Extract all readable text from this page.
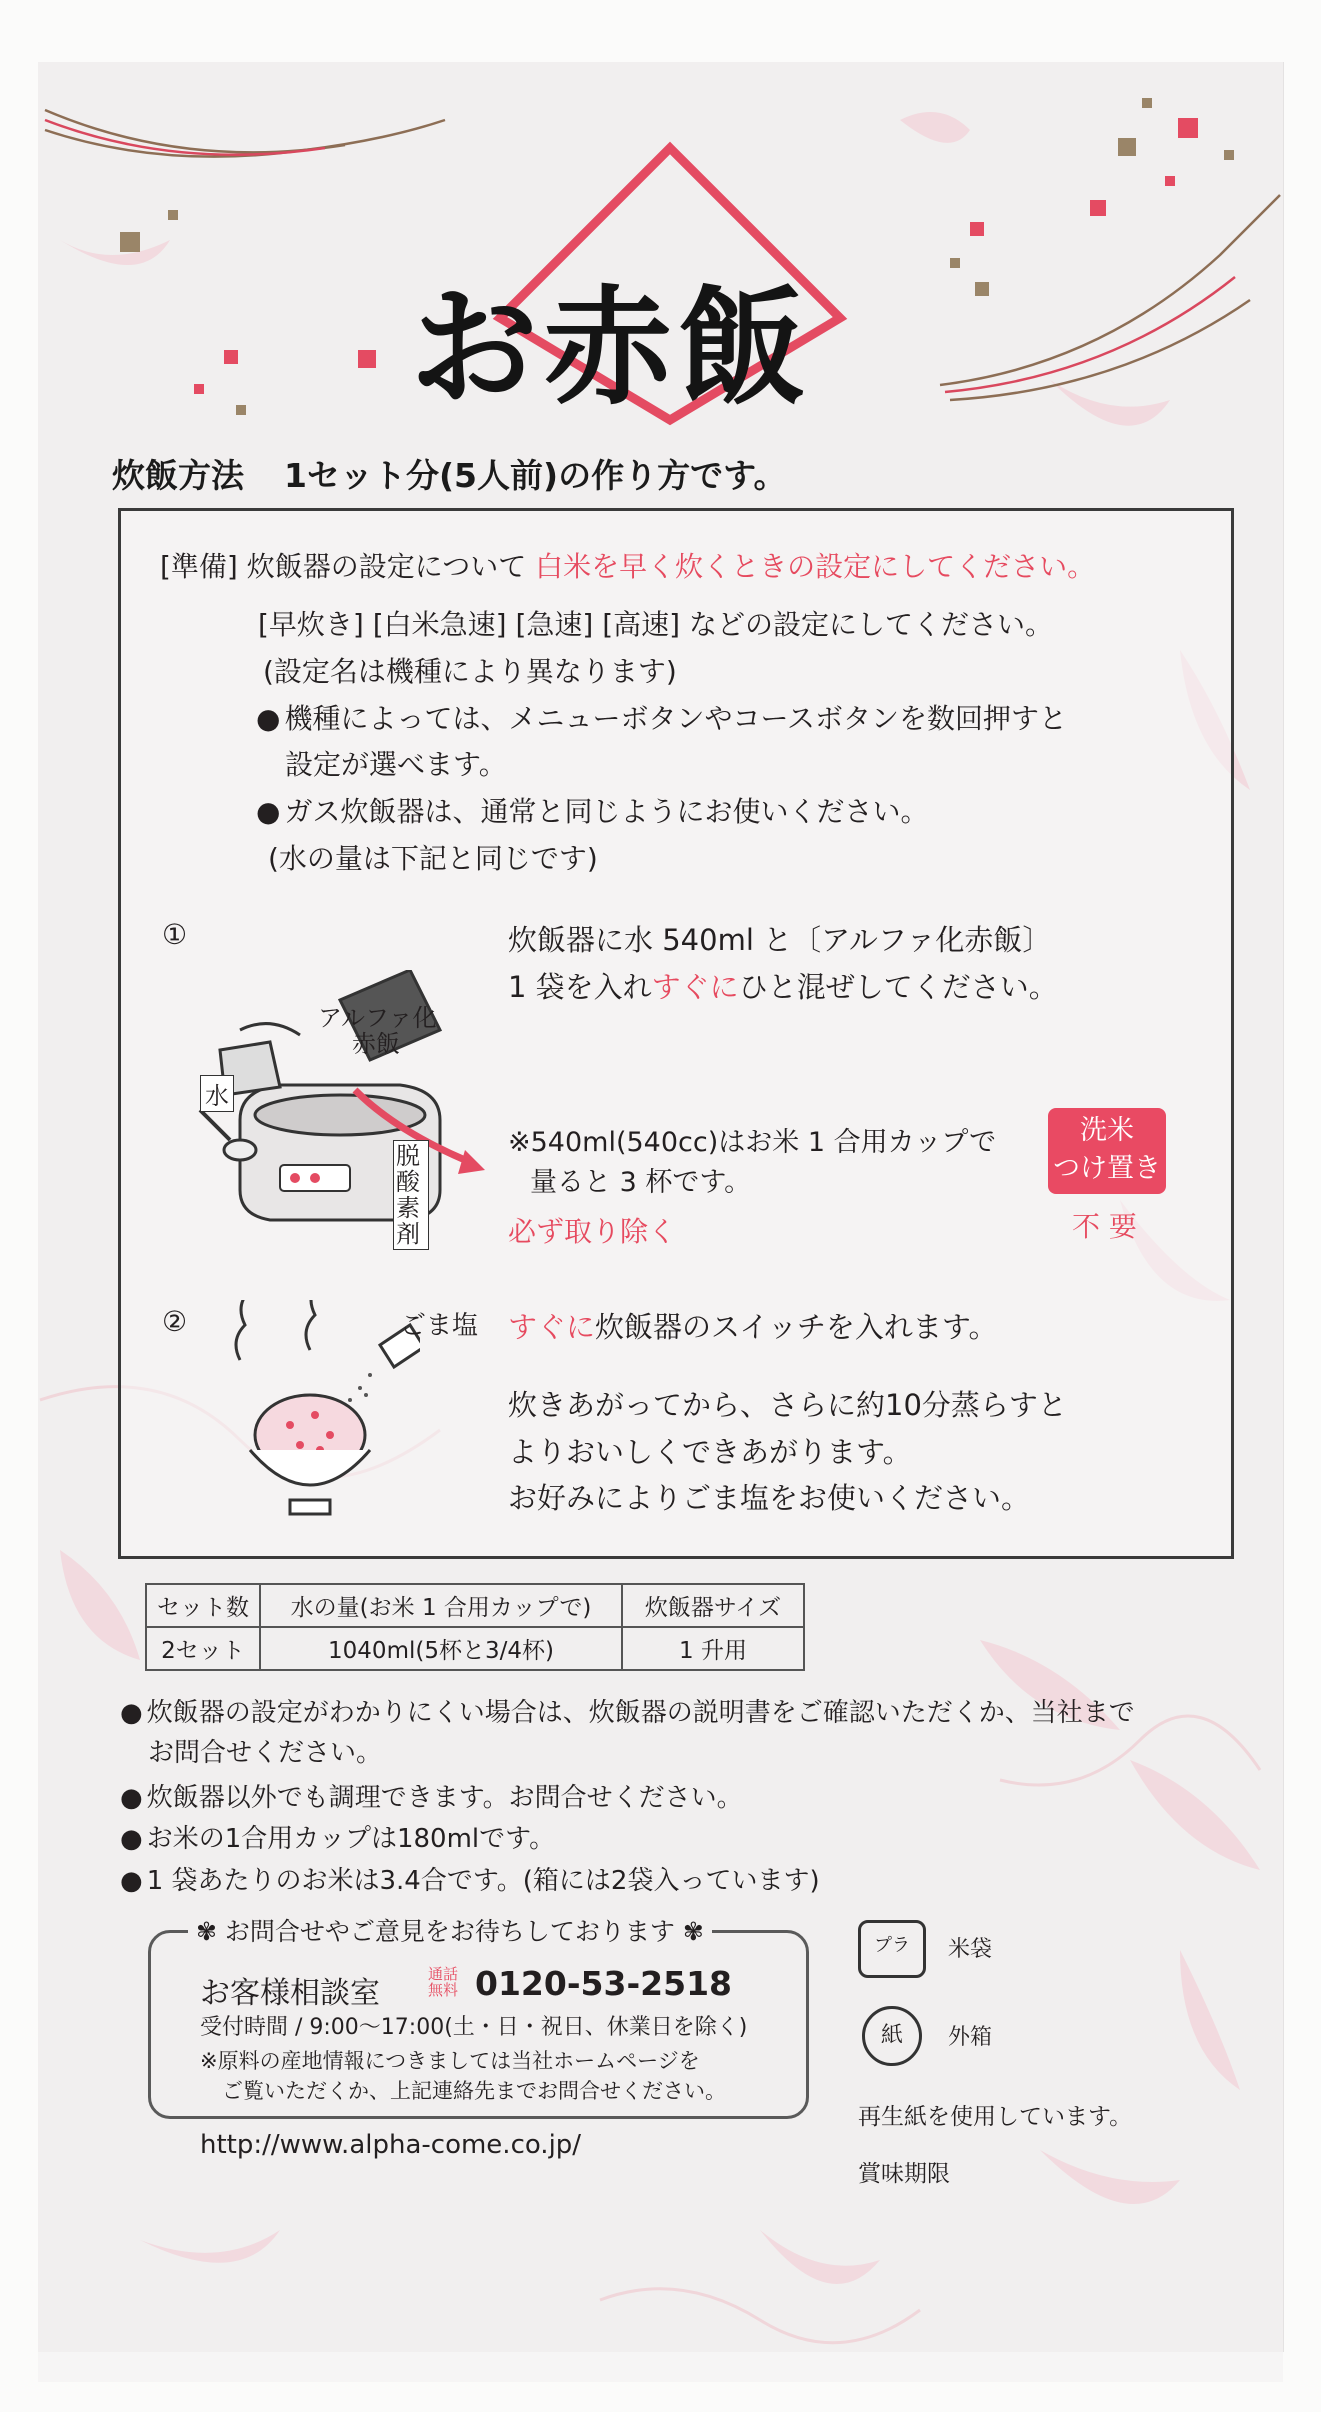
お赤飯
炊飯方法 1セット分(5人前)の作り方です。
[準備] 炊飯器の設定について 白米を早く炊くときの設定にしてください。
[早炊き] [白米急速] [急速] [高速] などの設定にしてください。
(設定名は機種により異なります)
● 機種によっては、メニューボタンやコースボタンを数回押すと
設定が選べます。
● ガス炊飯器は、通常と同じようにお使いください。
(水の量は下記と同じです)
①	炊飯器に水 540ml と〔アルファ化赤飯〕
1 袋を入れすぐにひと混ぜしてください。
アルファ化
赤飯
水
脱酸素剤
※540ml(540cc)はお米 1 合用カップで
量ると 3 杯です。
必ず取り除く
洗米
つけ置き
不 要
②	ごま塩 すぐに炊飯器のスイッチを入れます。
炊きあがってから、さらに約10分蒸らすと
よりおいしくできあがります。
お好みによりごま塩をお使いください。
セット数	水の量(お米 1 合用カップで)	炊飯器サイズ
2セット	1040ml(5杯と3/4杯)	1 升用
● 炊飯器の設定がわかりにくい場合は、炊飯器の説明書をご確認いただくか、当社まで
お問合せください。
● 炊飯器以外でも調理できます。お問合せください。
● お米の1合用カップは180mlです。
● 1 袋あたりのお米は3.4合です。(箱には2袋入っています)
✾ お問合せやご意見をお待ちしております ✾
お客様相談室
通話
無料 0120-53-2518
受付時間 / 9:00〜17:00(土・日・祝日、休業日を除く)
※原料の産地情報につきましては当社ホームページを
ご覧いただくか、上記連絡先までお問合せください。
http://www.alpha-come.co.jp/
プラ	米袋
紙	外箱
再生紙を使用しています。
賞味期限
